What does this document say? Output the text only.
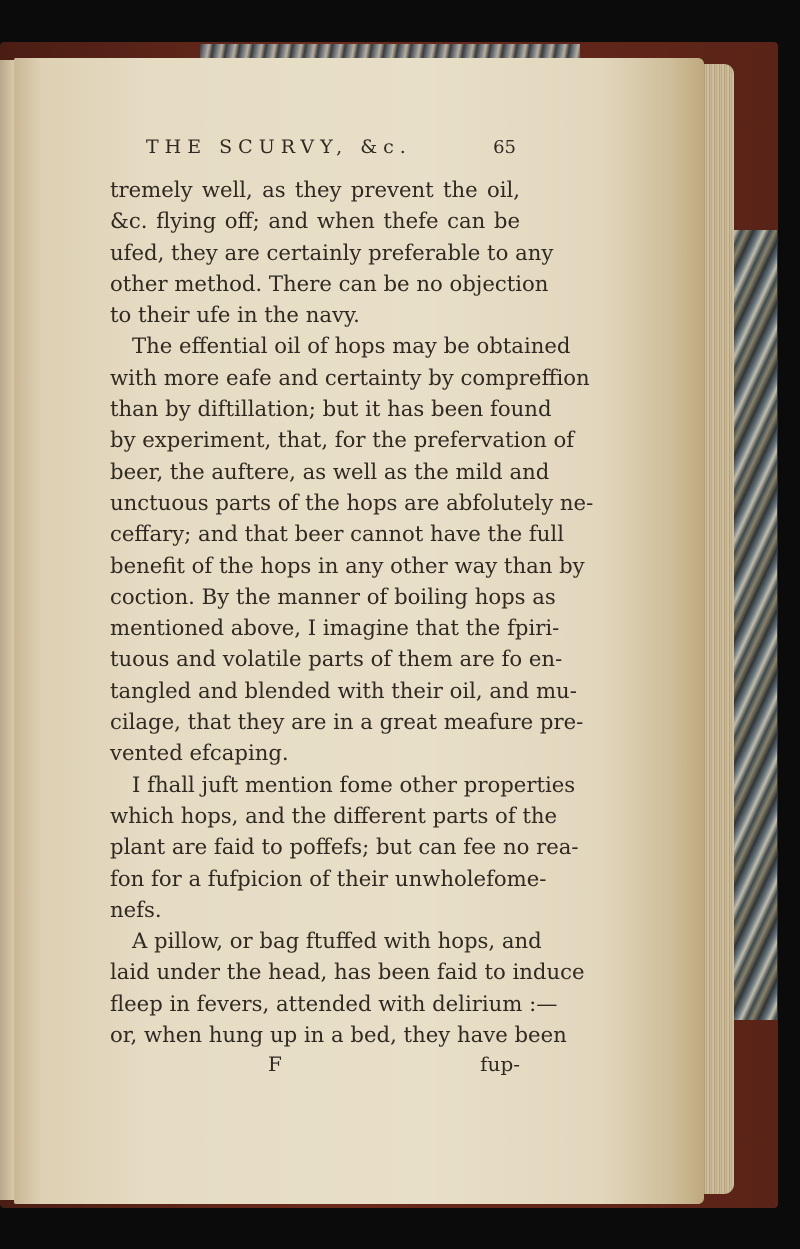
THE SCURVY, &c.	65
tremely well, as they prevent the oil,
&c. flying off; and when thefe can be
ufed, they are certainly preferable to any
other method. There can be no objection
to their ufe in the navy.
The effential oil of hops may be obtained
with more eafe and certainty by compreffion
than by diftillation; but it has been found
by experiment, that, for the prefervation of
beer, the auftere, as well as the mild and
unctuous parts of the hops are abfolutely ne-
ceffary; and that beer cannot have the full
benefit of the hops in any other way than by
coction. By the manner of boiling hops as
mentioned above, I imagine that the fpiri-
tuous and volatile parts of them are fo en-
tangled and blended with their oil, and mu-
cilage, that they are in a great meafure pre-
vented efcaping.
I fhall juft mention fome other properties
which hops, and the different parts of the
plant are faid to poffefs; but can fee no rea-
fon for a fufpicion of their unwholefome-
nefs.
A pillow, or bag ftuffed with hops, and
laid under the head, has been faid to induce
fleep in fevers, attended with delirium :—
or, when hung up in a bed, they have been
F	fup-
